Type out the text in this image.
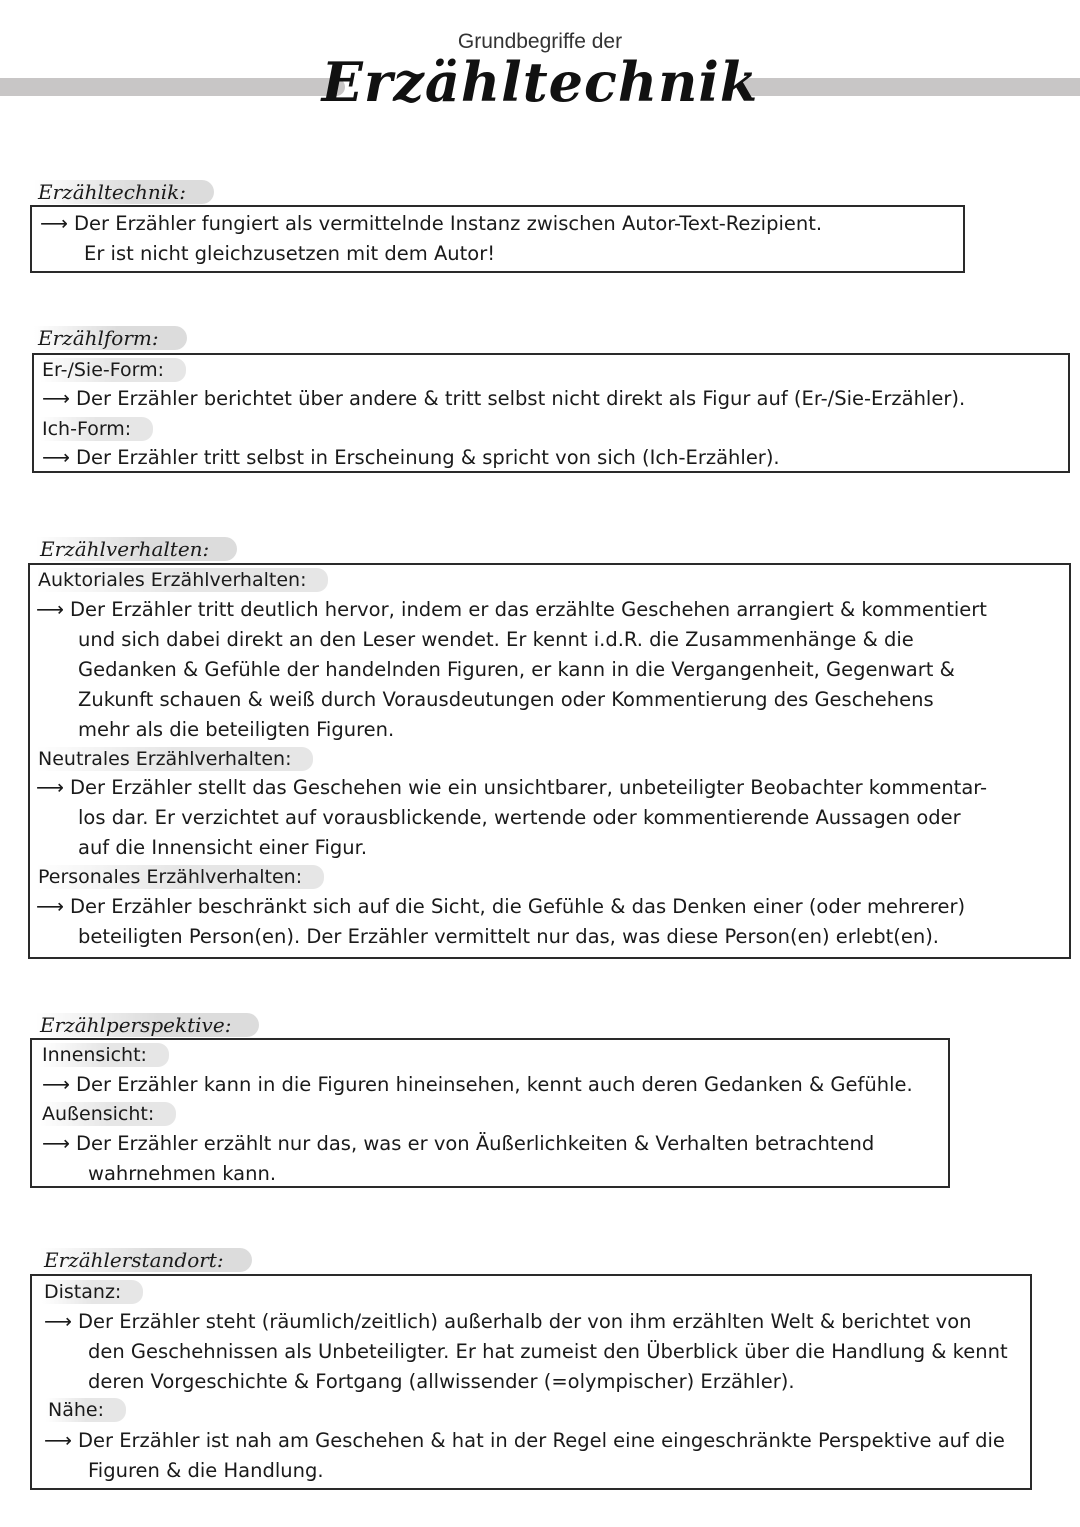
Grundbegriffe der
Erzähltechnik
Erzähltechnik:
⟶ Der Erzähler fungiert als vermittelnde Instanz zwischen Autor-Text-Rezipient.
Er ist nicht gleichzusetzen mit dem Autor!
Erzählform:
Er-/Sie-Form:
⟶ Der Erzähler berichtet über andere & tritt selbst nicht direkt als Figur auf (Er-/Sie-Erzähler).
Ich-Form:
⟶ Der Erzähler tritt selbst in Erscheinung & spricht von sich (Ich-Erzähler).
Erzählverhalten:
Auktoriales Erzählverhalten:
⟶ Der Erzähler tritt deutlich hervor, indem er das erzählte Geschehen arrangiert & kommentiert
und sich dabei direkt an den Leser wendet. Er kennt i.d.R. die Zusammenhänge & die
Gedanken & Gefühle der handelnden Figuren, er kann in die Vergangenheit, Gegenwart &
Zukunft schauen & weiß durch Vorausdeutungen oder Kommentierung des Geschehens
mehr als die beteiligten Figuren.
Neutrales Erzählverhalten:
⟶ Der Erzähler stellt das Geschehen wie ein unsichtbarer, unbeteiligter Beobachter kommentar-
los dar. Er verzichtet auf vorausblickende, wertende oder kommentierende Aussagen oder
auf die Innensicht einer Figur.
Personales Erzählverhalten:
⟶ Der Erzähler beschränkt sich auf die Sicht, die Gefühle & das Denken einer (oder mehrerer)
beteiligten Person(en). Der Erzähler vermittelt nur das, was diese Person(en) erlebt(en).
Erzählperspektive:
Innensicht:
⟶ Der Erzähler kann in die Figuren hineinsehen, kennt auch deren Gedanken & Gefühle.
Außensicht:
⟶ Der Erzähler erzählt nur das, was er von Äußerlichkeiten & Verhalten betrachtend
wahrnehmen kann.
Erzählerstandort:
Distanz:
⟶ Der Erzähler steht (räumlich/zeitlich) außerhalb der von ihm erzählten Welt & berichtet von
den Geschehnissen als Unbeteiligter. Er hat zumeist den Überblick über die Handlung & kennt
deren Vorgeschichte & Fortgang (allwissender (=olympischer) Erzähler).
Nähe:
⟶ Der Erzähler ist nah am Geschehen & hat in der Regel eine eingeschränkte Perspektive auf die
Figuren & die Handlung.
